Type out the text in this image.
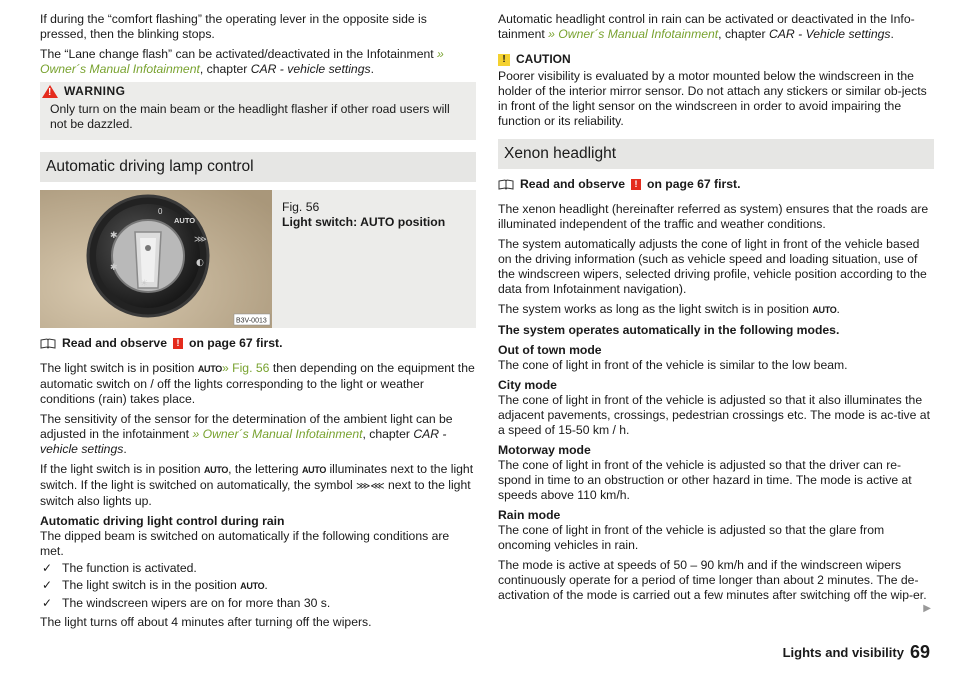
If during the “comfort flashing” the operating lever in the opposite side is pressed, then the blinking stops.

The “Lane change flash” can be activated/deactivated in the Infotainment » Owner´s Manual Infotainment, chapter CAR - vehicle settings.

! WARNING
Only turn on the main beam or the headlight flasher if other road users will not be dazzled.
Automatic driving lamp control
0
AUTO
✱
✱
⋙
◐
☀
B3V-0013
Fig. 56
Light switch: AUTO position
Read and observe	! on page 67 first.

The light switch is in position AUTO» Fig. 56 then depending on the equipment the automatic switch on / off the lights corresponding to the light or weather conditions (rain) takes place.

The sensitivity of the sensor for the determination of the ambient light can be adjusted in the infotainment » Owner´s Manual Infotainment, chapter CAR - vehicle settings.

If the light switch is in position AUTO, the lettering AUTO illuminates next to the light switch. If the light is switched on automatically, the symbol ⋙⋘ next to the light switch also lights up.

Automatic driving light control during rain

The dipped beam is switched on automatically if the following conditions are met.

✓ The function is activated.
✓ The light switch is in the position AUTO.
✓ The windscreen wipers are on for more than 30 s.

The light turns off about 4 minutes after turning off the wipers.

Automatic headlight control in rain can be activated or deactivated in the Info-tainment » Owner´s Manual Infotainment, chapter CAR - Vehicle settings.

! CAUTION

Poorer visibility is evaluated by a motor mounted below the windscreen in the holder of the interior mirror sensor. Do not attach any stickers or similar ob-jects in front of the light sensor on the windscreen in order to avoid impairing the function or its reliability.

Xenon headlight
Read and observe	! on page 67 first.

The xenon headlight (hereinafter referred as system) ensures that the roads are illuminated independent of the traffic and weather conditions.

The system automatically adjusts the cone of light in front of the vehicle based on the driving information (such as vehicle speed and loading situation, use of the windscreen wipers, selected driving profile, vehicle position according to the data from Infotainment navigation).

The system works as long as the light switch is in position AUTO.

The system operates automatically in the following modes.

Out of town mode

The cone of light in front of the vehicle is similar to the low beam.

City mode

The cone of light in front of the vehicle is adjusted so that it also illuminates the adjacent pavements, crossings, pedestrian crossings etc. The mode is ac-tive at a speed of 15-50 km / h.

Motorway mode

The cone of light in front of the vehicle is adjusted so that the driver can re-spond in time to an obstruction or other hazard in time. The mode is active at speeds above 110 km/h.

Rain mode

The cone of light in front of the vehicle is adjusted so that the glare from oncoming vehicles in rain.

The mode is active at speeds of 50 – 90 km/h and if the windscreen wipers continuously operate for a period of time longer than about 2 minutes. The de-activation of the mode is carried out a few minutes after switching off the wip-er.

▶
Lights and visibility 69
